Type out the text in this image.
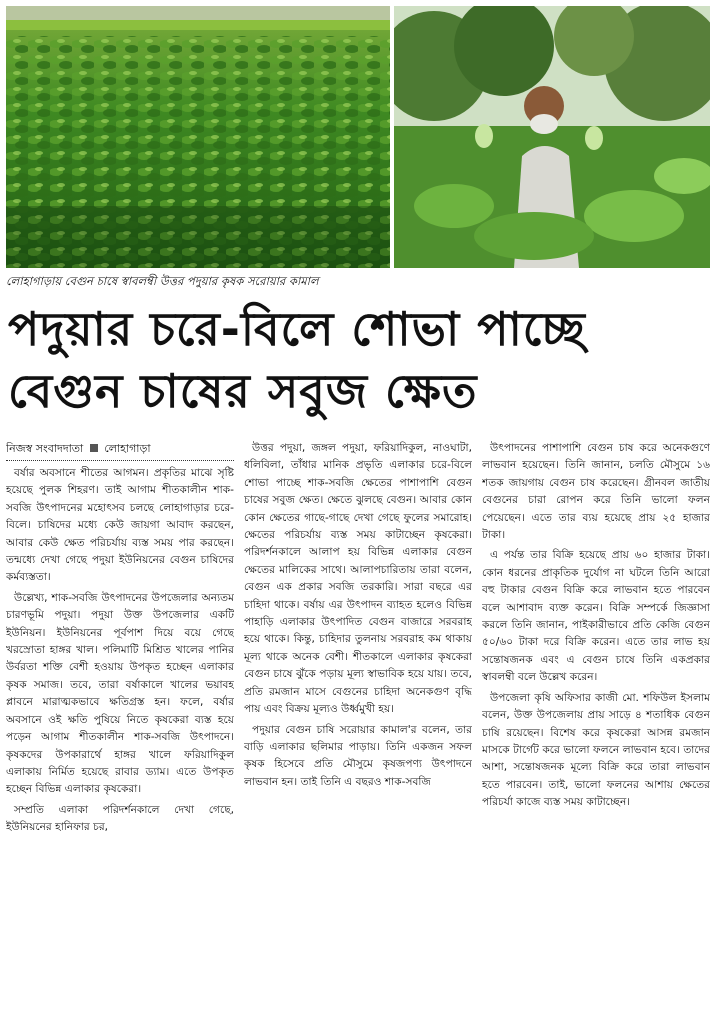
লোহাগাড়ায় বেগুন চাষে স্বাবলম্বী উত্তর পদুয়ার কৃষক সরোয়ার কামাল
পদুয়ার চরে-বিলে শোভা পাচ্ছে
বেগুন চাষের সবুজ ক্ষেত
নিজস্ব সংবাদদাতা লোহাগাড়া

বর্ষার অবসানে শীতের আগমন। প্রকৃতির মাঝে সৃষ্টি হয়েছে পুলক শিহরণ। তাই আগাম শীতকালীন শাক-সবজি উৎপাদনের মহোৎসব চলছে লোহাগাড়ার চরে-বিলে। চাষিদের মধ্যে কেউ জায়গা আবাদ করছেন, আবার কেউ ক্ষেত পরিচর্যায় ব্যস্ত সময় পার করছেন। তন্মধ্যে দেখা গেছে পদুয়া ইউনিয়নের বেগুন চাষিদের কর্মব্যস্ততা।

উল্লেখ্য, শাক-সবজি উৎপাদনের উপজেলার অন্যতম চারণভূমি পদুয়া। পদুয়া উক্ত উপজেলার একটি ইউনিয়ন। ইউনিয়নের পূর্বপাশ দিয়ে বয়ে গেছে খরস্রোতা হাঙ্গর খাল। পলিমাটি মিশ্রিত খালের পানির উর্বরতা শক্তি বেশী হওয়ায় উপকৃত হচ্ছেন এলাকার কৃষক সমাজ। তবে, তারা বর্ষাকালে খালের ভয়াবহ প্লাবনে মারাত্মকভাবে ক্ষতিগ্রস্ত হন। ফলে, বর্ষার অবসানে ওই ক্ষতি পুষিয়ে নিতে কৃষকেরা ব্যস্ত হয়ে পড়েন আগাম শীতকালীন শাক-সবজি উৎপাদনে। কৃষকদের উপকারার্থে হাঙ্গর খালে ফরিয়াদিকুল এলাকায় নির্মিত হয়েছে রাবার ড্যাম। এতে উপকৃত হচ্ছেন বিভিন্ন এলাকার কৃষকেরা।

সম্প্রতি এলাকা পরিদর্শনকালে দেখা গেছে, ইউনিয়নের হানিফার চর,

উত্তর পদুয়া, জঙ্গল পদুয়া, ফরিয়াদিকুল, নাওঘাটা, ধলিবিলা, তাঁধার মানিক প্রভৃতি এলাকার চরে-বিলে শোভা পাচ্ছে শাক-সবজি ক্ষেতের পাশাপাশি বেগুন চাষের সবুজ ক্ষেত। ক্ষেতে ঝুলছে বেগুন। আবার কোন কোন ক্ষেতের গাছে-গাছে দেখা গেছে ফুলের সমারোহ। ক্ষেতের পরিচর্যায় ব্যস্ত সময় কাটাচ্ছেন কৃষকেরা। পরিদর্শনকালে আলাপ হয় বিভিন্ন এলাকার বেগুন ক্ষেতের মালিকের সাথে। আলাপচারিতায় তারা বলেন, বেগুন এক প্রকার সবজি তরকারি। সারা বছরে এর চাহিদা থাকে। বর্ষায় এর উৎপাদন ব্যাহত হলেও বিভিন্ন পাহাড়ি এলাকার উৎপাদিত বেগুন বাজারে সরবরাহ হয়ে থাকে। কিন্তু, চাহিদার তুলনায় সরবরাহ কম থাকায় মূল্য থাকে অনেক বেশী। শীতকালে এলাকার কৃষকেরা বেগুন চাষে ঝুঁকে পড়ায় মূল্য স্বাভাবিক হয়ে যায়। তবে, প্রতি রমজান মাসে বেগুনের চাহিদা অনেকগুণ বৃদ্ধি পায় এবং বিক্রয় মূল্যও উর্ধ্বমুখী হয়।

পদুয়ার বেগুন চাষি সরোয়ার কামাল'র বলেন, তার বাড়ি এলাকার ছলিমার পাড়ায়। তিনি একজন সফল কৃষক হিসেবে প্রতি মৌসুমে কৃষজপণ্য উৎপাদনে লাভবান হন। তাই তিনি এ বছরও শাক-সবজি

উৎপাদনের পাশাপাশি বেগুন চাষ করে অনেকগুণে লাভবান হয়েছেন। তিনি জানান, চলতি মৌসুমে ১৬ শতক জায়গায় বেগুন চাষ করেছেন। গ্রীনবল জাতীয় বেগুনের চারা রোপন করে তিনি ভালো ফলন পেয়েছেন। এতে তার ব্যয় হয়েছে প্রায় ২৫ হাজার টাকা।

এ পর্যন্ত তার বিক্রি হয়েছে প্রায় ৬০ হাজার টাকা। কোন ধরনের প্রাকৃতিক দুর্যোগ না ঘটলে তিনি আরো বহু টাকার বেগুন বিক্রি করে লাভবান হতে পারবেন বলে আশাবাদ ব্যক্ত করেন। বিক্রি সম্পর্কে জিজ্ঞাসা করলে তিনি জানান, পাইকারীভাবে প্রতি কেজি বেগুন ৫০/৬০ টাকা দরে বিক্রি করেন। এতে তার লাভ হয় সন্তোষজনক এবং এ বেগুন চাষে তিনি একপ্রকার স্বাবলম্বী বলে উল্লেখ করেন।

উপজেলা কৃষি অফিসার কাজী মো. শফিউল ইসলাম বলেন, উক্ত উপজেলায় প্রায় সাড়ে ৪ শতাধিক বেগুন চাষি রয়েছেন। বিশেষ করে কৃষকেরা আসন্ন রমজান মাসকে টার্গেট করে ভালো ফলনে লাভবান হবে। তাদের আশা, সন্তোষজনক মূল্যে বিক্রি করে তারা লাভবান হতে পারবেন। তাই, ভালো ফলনের আশায় ক্ষেতের পরিচর্যা কাজে ব্যস্ত সময় কাটাচ্ছেন।
